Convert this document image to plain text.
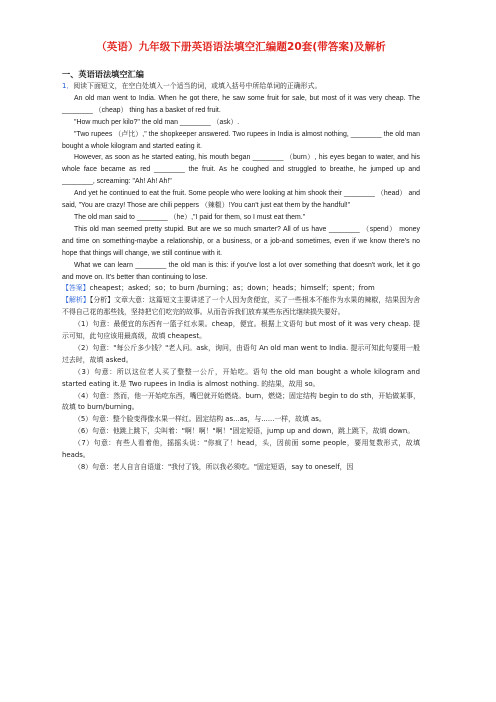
（英语）九年级下册英语语法填空汇编题20套(带答案)及解析
一、英语语法填空汇编
1．阅读下面短文，在空白处填入一个适当的词，或填入括号中所给单词的正确形式。

An old man went to India. When he got there, he saw some fruit for sale, but most of it was very cheap. The ________ （cheap） thing has a basket of red fruit.

"How much per kilo?" the old man ________ （ask）.

"Two rupees （卢比）," the shopkeeper answered. Two rupees in India is almost nothing, ________ the old man bought a whole kilogram and started eating it.

However, as soon as he started eating, his mouth began ________ （burn）, his eyes began to water, and his whole face became as red ________ the fruit. As he coughed and struggled to breathe, he jumped up and ________, screaming: "Ah! Ah! Ah!"

And yet he continued to eat the fruit. Some people who were looking at him shook their ________ （head） and said, "You are crazy! Those are chili peppers （辣椒）!You can't just eat them by the handful!"

The old man said to ________ （he）,"I paid for them, so I must eat them."

This old man seemed pretty stupid. But are we so much smarter? All of us have ________ （spend） money and time on something-maybe a relationship, or a business, or a job-and sometimes, even if we know there's no hope that things will change, we still continue with it.

What we can learn ________ the old man is this: if you've lost a lot over something that doesn't work, let it go and move on. It's better than continuing to lose.

【答案】cheapest；asked；so；to burn /burning；as；down；heads；himself；spent；from

【解析】【分析】文章大意：这篇短文主要讲述了一个人因为贪便宜，买了一些根本不能作为水果的辣椒，结果因为舍不得自己花的那些钱，坚持把它们吃完的故事。从而告诉我们放弃某些东西比继续损失要好。

（1）句意：最便宜的东西有一篮子红水果。cheap，便宜。根据上文语句 but most of it was very cheap. 提示可知，此句应该用最高级，故填 cheapest。

（2）句意："每公斤多少钱？"老人问。ask，询问，由语句 An old man went to India. 提示可知此句要用一般过去时，故填 asked。

（3）句意：所以这位老人买了整整一公斤，开始吃。语句 the old man bought a whole kilogram and started eating it.是 Two rupees in India is almost nothing. 的结果，故用 so。

（4）句意：然而，他一开始吃东西，嘴巴就开始燃烧。burn，燃烧；固定结构 begin to do sth，开始做某事，故填 to burn/burning。

（5）句意：整个脸变得像水果一样红。固定结构 as...as，与......一样，故填 as。

（6）句意：他跳上跳下，尖叫着："啊！啊！"啊！"固定短语，jump up and down，跳上跳下，故填 down。

（7）句意：有些人看着他，摇摇头说："你疯了！head，头，因前面 some people，要用复数形式，故填 heads。

（8）句意：老人自言自语道："我付了钱，所以我必须吃。"固定短语，say to oneself，因
